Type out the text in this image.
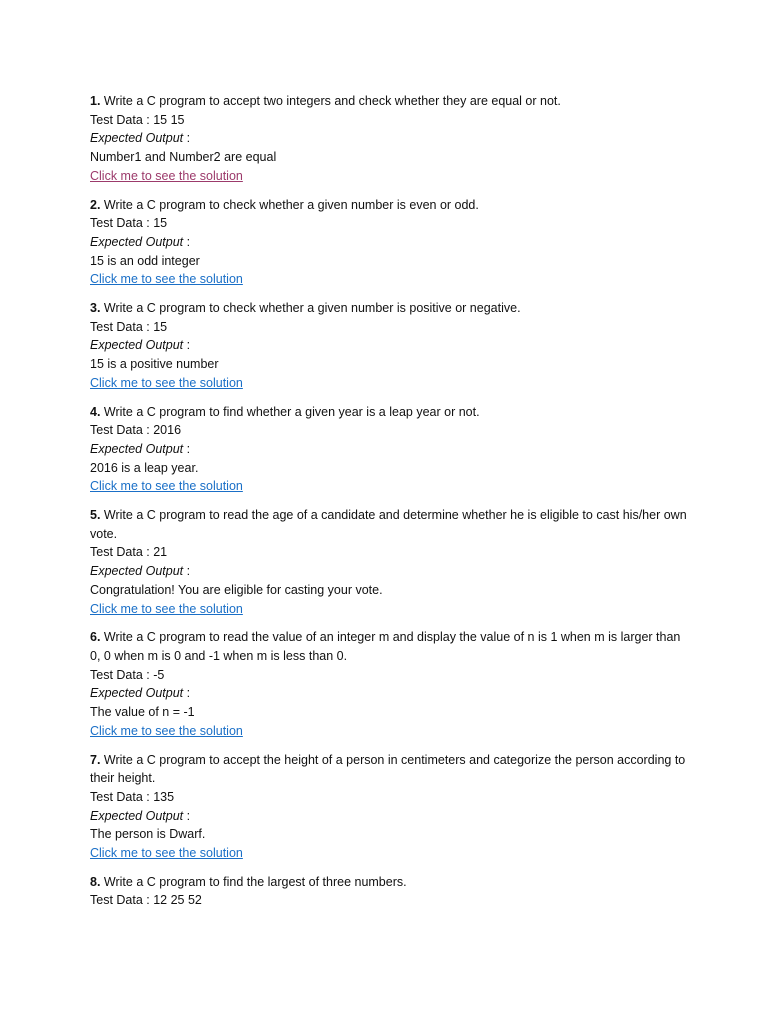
1. Write a C program to accept two integers and check whether they are equal or not.
Test Data : 15 15
Expected Output :
Number1 and Number2 are equal
Click me to see the solution
2. Write a C program to check whether a given number is even or odd.
Test Data : 15
Expected Output :
15 is an odd integer
Click me to see the solution
3. Write a C program to check whether a given number is positive or negative.
Test Data : 15
Expected Output :
15 is a positive number
Click me to see the solution
4. Write a C program to find whether a given year is a leap year or not.
Test Data : 2016
Expected Output :
2016 is a leap year.
Click me to see the solution
5. Write a C program to read the age of a candidate and determine whether he is eligible to cast his/her own vote.
Test Data : 21
Expected Output :
Congratulation! You are eligible for casting your vote.
Click me to see the solution
6. Write a C program to read the value of an integer m and display the value of n is 1 when m is larger than 0, 0 when m is 0 and -1 when m is less than 0.
Test Data : -5
Expected Output :
The value of n = -1
Click me to see the solution
7. Write a C program to accept the height of a person in centimeters and categorize the person according to their height.
Test Data : 135
Expected Output :
The person is Dwarf.
Click me to see the solution
8. Write a C program to find the largest of three numbers.
Test Data : 12 25 52
